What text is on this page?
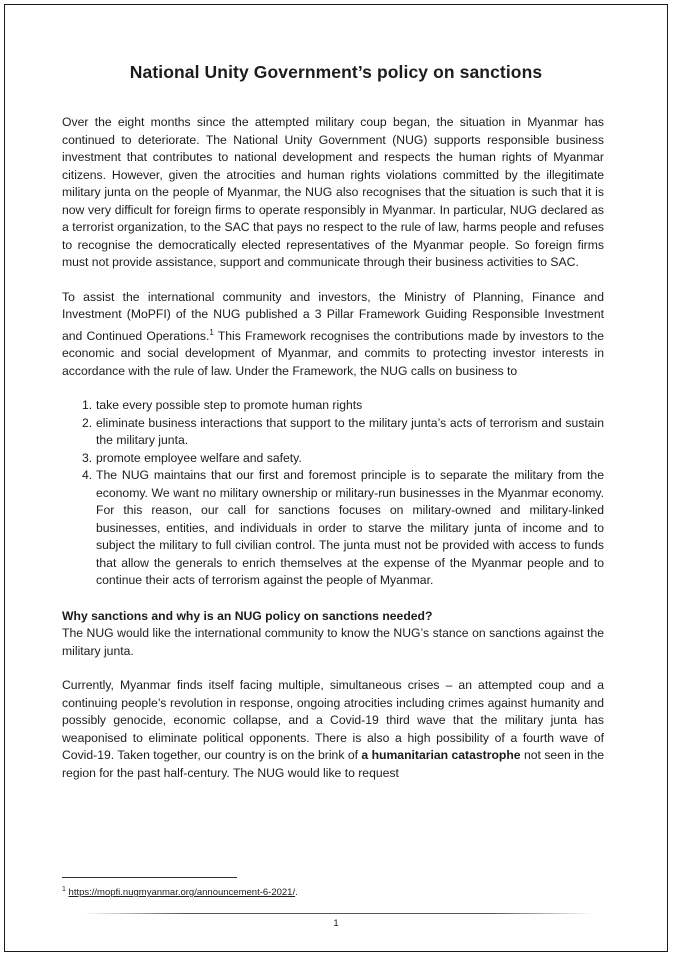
National Unity Government’s policy on sanctions

Over the eight months since the attempted military coup began, the situation in Myanmar has continued to deteriorate. The National Unity Government (NUG) supports responsible business investment that contributes to national development and respects the human rights of Myanmar citizens. However, given the atrocities and human rights violations committed by the illegitimate military junta on the people of Myanmar, the NUG also recognises that the situation is such that it is now very difficult for foreign firms to operate responsibly in Myanmar. In particular, NUG declared as a terrorist organization, to the SAC that pays no respect to the rule of law, harms people and refuses to recognise the democratically elected representatives of the Myanmar people. So foreign firms must not provide assistance, support and communicate through their business activities to SAC.

To assist the international community and investors, the Ministry of Planning, Finance and Investment (MoPFI) of the NUG published a 3 Pillar Framework Guiding Responsible Investment and Continued Operations.$^1$ This Framework recognises the contributions made by investors to the economic and social development of Myanmar, and commits to protecting investor interests in accordance with the rule of law. Under the Framework, the NUG calls on business to

1. take every possible step to promote human rights
2. eliminate business interactions that support to the military junta’s acts of terrorism and sustain the military junta.
3. promote employee welfare and safety.
4. The NUG maintains that our first and foremost principle is to separate the military from the economy. We want no military ownership or military-run businesses in the Myanmar economy. For this reason, our call for sanctions focuses on military-owned and military-linked businesses, entities, and individuals in order to starve the military junta of income and to subject the military to full civilian control. The junta must not be provided with access to funds that allow the generals to enrich themselves at the expense of the Myanmar people and to continue their acts of terrorism against the people of Myanmar.

Why sanctions and why is an NUG policy on sanctions needed?

The NUG would like the international community to know the NUG’s stance on sanctions against the military junta.

Currently, Myanmar finds itself facing multiple, simultaneous crises – an attempted coup and a continuing people’s revolution in response, ongoing atrocities including crimes against humanity and possibly genocide, economic collapse, and a Covid-19 third wave that the military junta has weaponised to eliminate political opponents. There is also a high possibility of a fourth wave of Covid-19. Taken together, our country is on the brink of a humanitarian catastrophe not seen in the region for the past half-century. The NUG would like to request

$^1$ https://mopfi.nugmyanmar.org/announcement-6-2021/.
1
